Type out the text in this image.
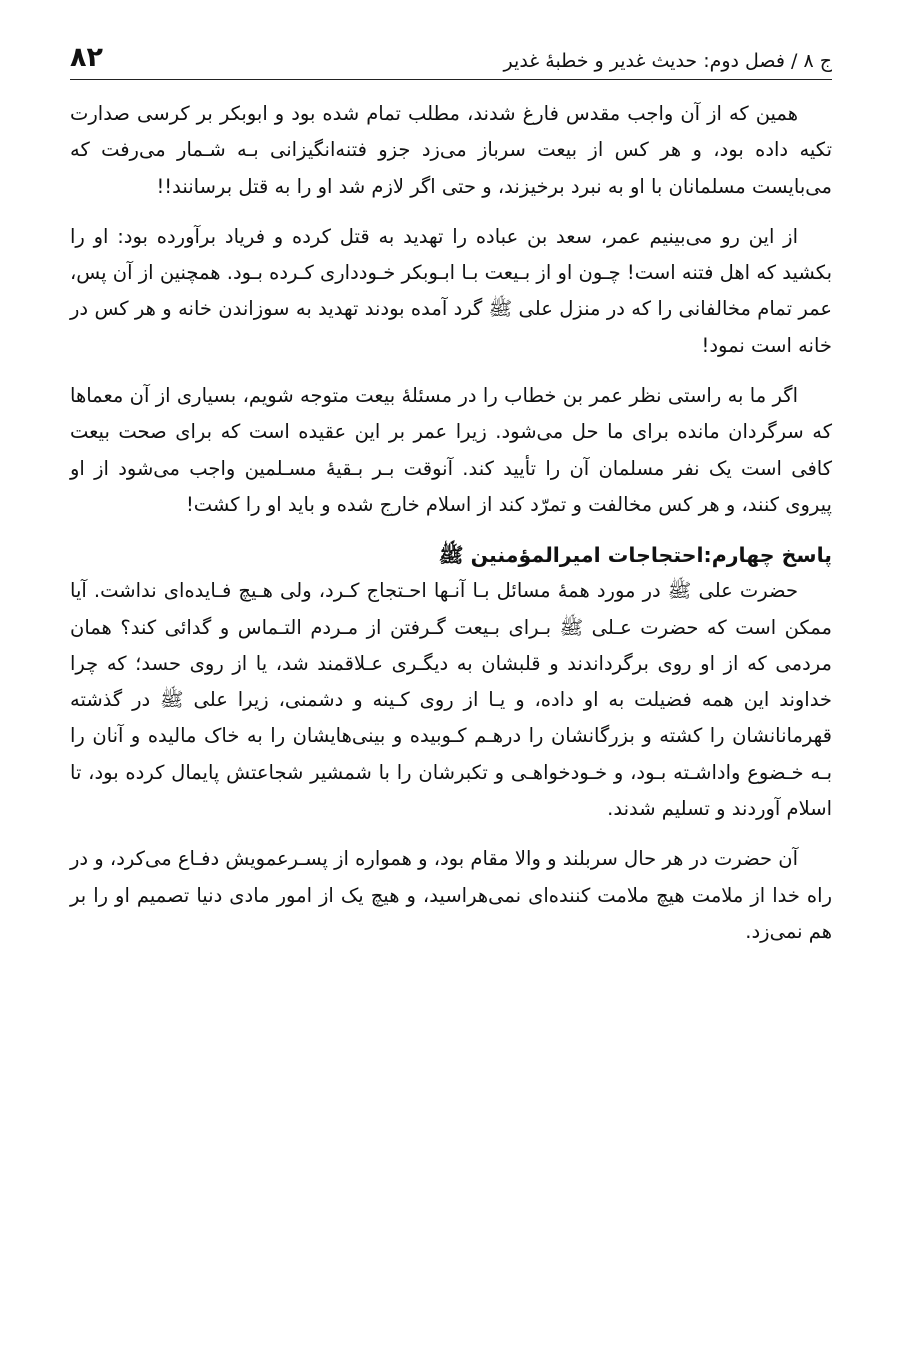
ج ۸ / فصل دوم: حدیث غدیر و خطبهٔ غدیر
۸۲

همین که از آن واجب مقدس فارغ شدند، مطلب تمام شده بود و ابوبکر بر کرسی صدارت تکیه داده بود، و هر کس از بیعت سرباز می‌زد جزو فتنه‌انگیزانی بـه شـمار می‌رفت که می‌بایست مسلمانان با او به نبرد برخیزند، و حتی اگر لازم شد او را به قتل برسانند!!

از این رو می‌بینیم عمر، سعد بن عباده را تهدید به قتل کرده و فریاد برآورده بود: او را بکشید که اهل فتنه است! چـون او از بـیعت بـا ابـوبکر خـودداری کـرده بـود. همچنین از آن پس، عمر تمام مخالفانی را که در منزل علی ﷺ گرد آمده بودند تهدید به سوزاندن خانه و هر کس در خانه است نمود!

اگر ما به راستی نظر عمر بن خطاب را در مسئلهٔ بیعت متوجه شویم، بسیاری از آن معماها که سرگردان مانده برای ما حل می‌شود. زیرا عمر بر این عقیده است که برای صحت بیعت کافی است یک نفر مسلمان آن را تأیید کند. آنوقت بـر بـقیهٔ مسـلمین واجب می‌شود از او پیروی کنند، و هر کس مخالفت و تمرّد کند از اسلام خارج شده و باید او را کشت!

پاسخ چهارم:احتجاجات امیرالمؤمنین ﷺ

حضرت علی ﷺ در مورد همهٔ مسائل بـا آنـها احـتجاج کـرد، ولی هـیچ فـایده‌ای نداشت. آیا ممکن است که حضرت عـلی ﷺ بـرای بـیعت گـرفتن از مـردم التـماس و گدائی کند؟ همان مردمی که از او روی برگرداندند و قلبشان به دیگـری عـلاقمند شد، یا از روی حسد؛ که چرا خداوند این همه فضیلت به او داده، و یـا از روی کـینه و دشمنی، زیرا علی ﷺ در گذشته قهرمانانشان را کشته و بزرگانشان را درهـم کـوبیده و بینی‌هایشان را به خاک مالیده و آنان را بـه خـضوع واداشـته بـود، و خـودخواهـی و تکبرشان را با شمشیر شجاعتش پایمال کرده بود، تا اسلام آوردند و تسلیم شدند.

آن حضرت در هر حال سربلند و والا مقام بود، و همواره از پسـرعمویش دفـاع می‌کرد، و در راه خدا از ملامت هیچ ملامت کننده‌ای نمی‌هراسید، و هیچ یک از امور مادی دنیا تصمیم او را بر هم نمی‌زد.
